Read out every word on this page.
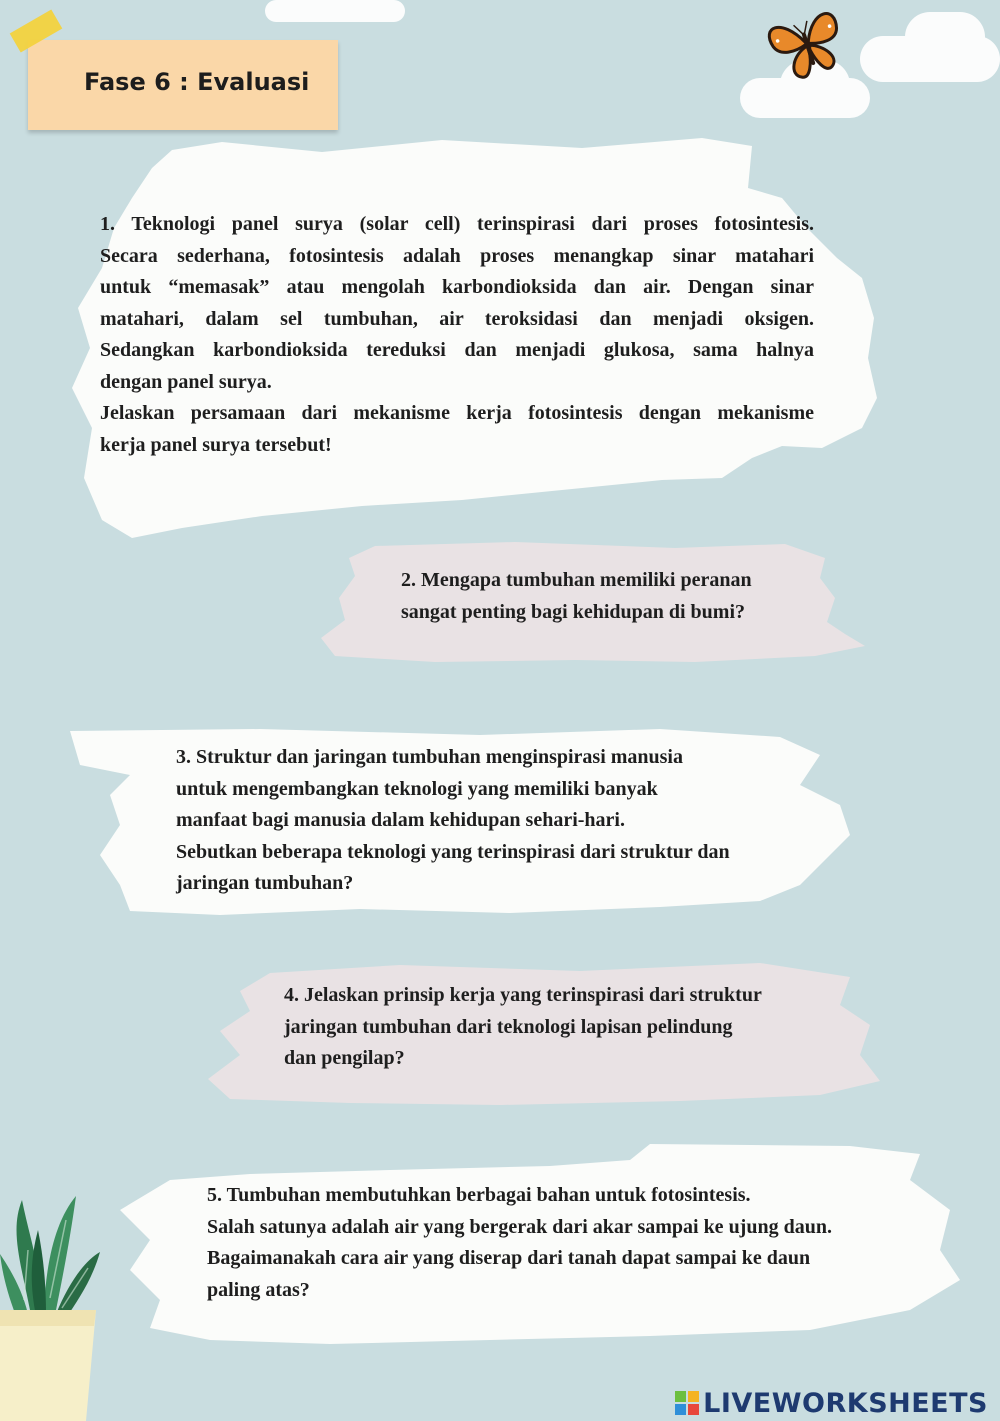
Fase 6 : Evaluasi

1. Teknologi panel surya (solar cell) terinspirasi dari proses fotosintesis.

Secara sederhana, fotosintesis adalah proses menangkap sinar matahari

untuk “memasak” atau mengolah karbondioksida dan air. Dengan sinar

matahari, dalam sel tumbuhan, air teroksidasi dan menjadi oksigen.

Sedangkan karbondioksida tereduksi dan menjadi glukosa, sama halnya

dengan panel surya.

Jelaskan persamaan dari mekanisme kerja fotosintesis dengan mekanisme

kerja panel surya tersebut!

2. Mengapa tumbuhan memiliki peranan

sangat penting bagi kehidupan di bumi?

3. Struktur dan jaringan tumbuhan menginspirasi manusia

untuk mengembangkan teknologi yang memiliki banyak

manfaat bagi manusia dalam kehidupan sehari-hari.

Sebutkan beberapa teknologi yang terinspirasi dari struktur dan

jaringan tumbuhan?

4. Jelaskan prinsip kerja yang terinspirasi dari struktur

jaringan tumbuhan dari teknologi lapisan pelindung

dan pengilap?

5. Tumbuhan membutuhkan berbagai bahan untuk fotosintesis.

Salah satunya adalah air yang bergerak dari akar sampai ke ujung daun.

Bagaimanakah cara air yang diserap dari tanah dapat sampai ke daun

paling atas?

LIVEWORKSHEETS
